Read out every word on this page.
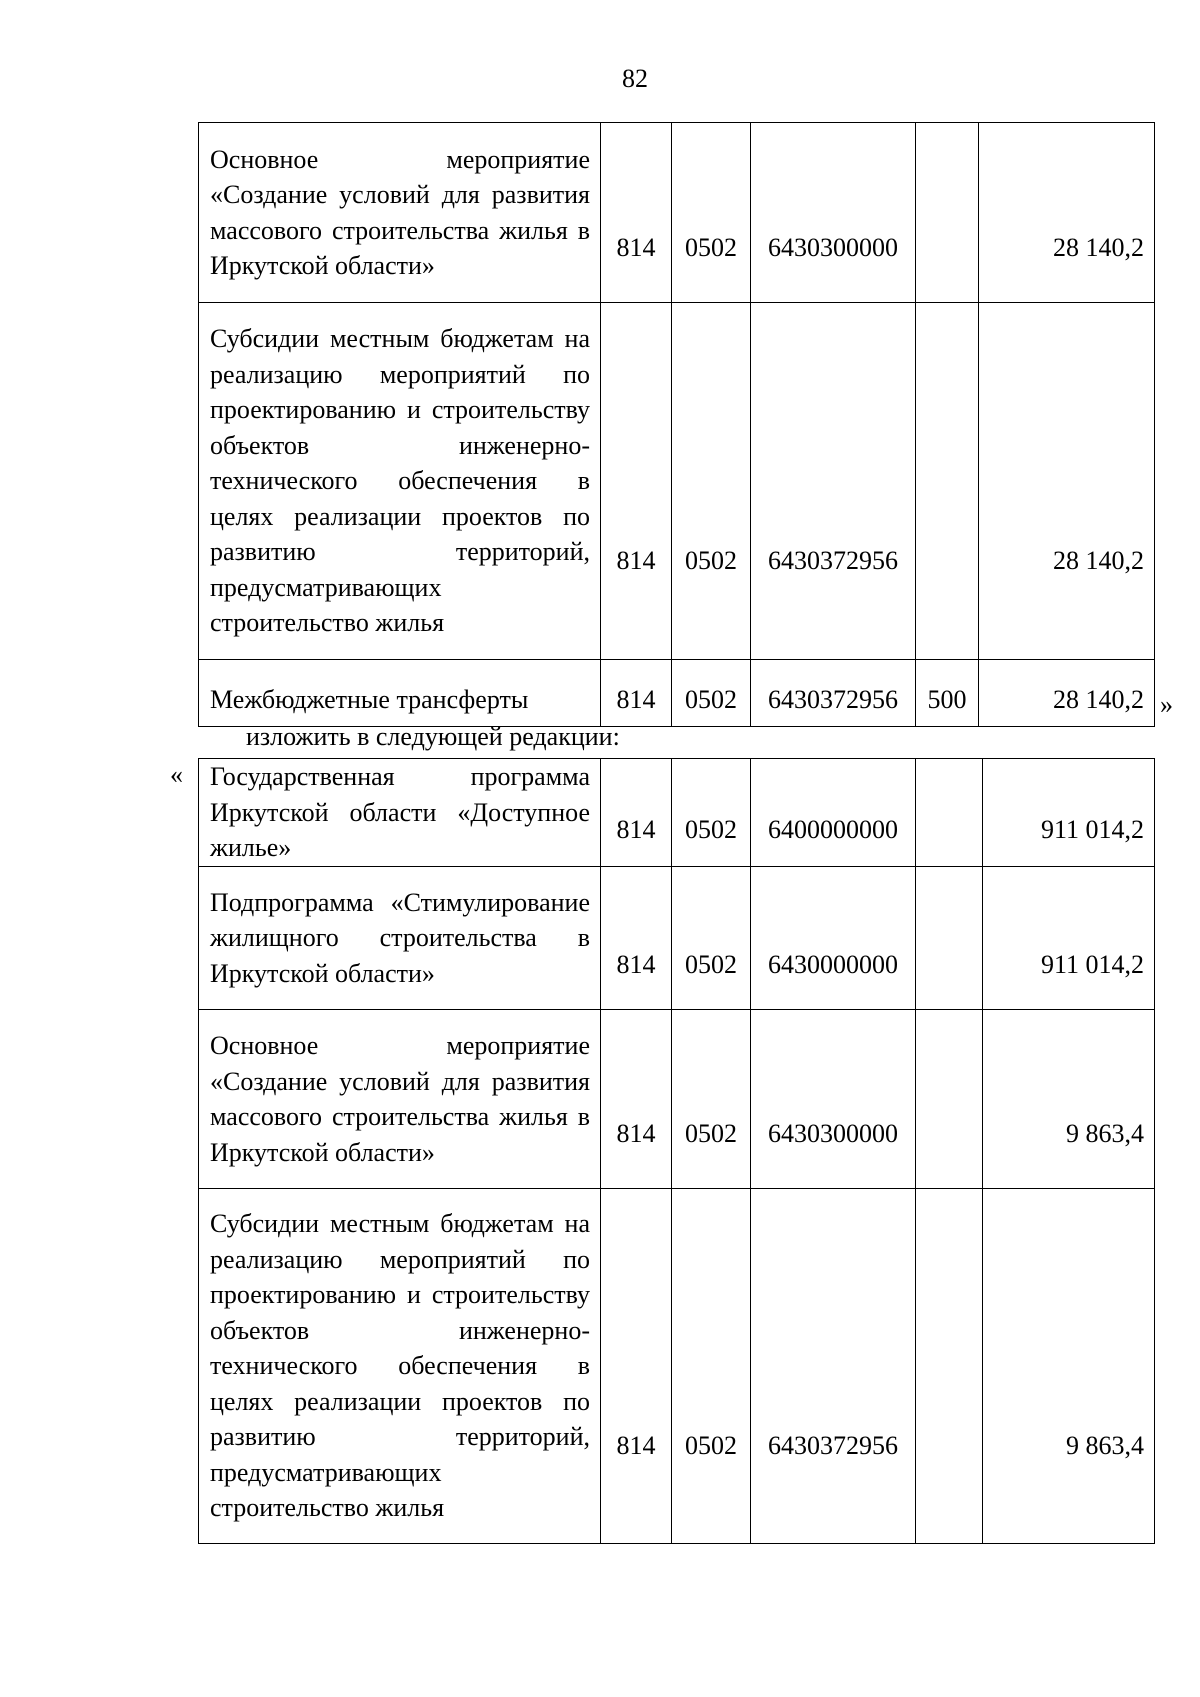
82
Основное мероприятие «Создание условий для развития массового строительства жилья в Иркутской области»	814	0502	6430300000		28 140,2
Субсидии местным бюджетам на реализацию мероприятий по проектированию и строительству объектов инженерно-технического обеспечения в целях реализации проектов по развитию территорий, предусматривающих строительство жилья	814	0502	6430372956		28 140,2
Межбюджетные трансферты	814	0502	6430372956	500	28 140,2 »
изложить в следующей редакции:
« Государственная программа Иркутской области «Доступное жилье»	814	0502	6400000000		911 014,2
Подпрограмма «Стимулирование жилищного строительства в Иркутской области»	814	0502	6430000000		911 014,2
Основное мероприятие «Создание условий для развития массового строительства жилья в Иркутской области»	814	0502	6430300000		9 863,4
Субсидии местным бюджетам на реализацию мероприятий по проектированию и строительству объектов инженерно-технического обеспечения в целях реализации проектов по развитию территорий, предусматривающих строительство жилья	814	0502	6430372956		9 863,4
